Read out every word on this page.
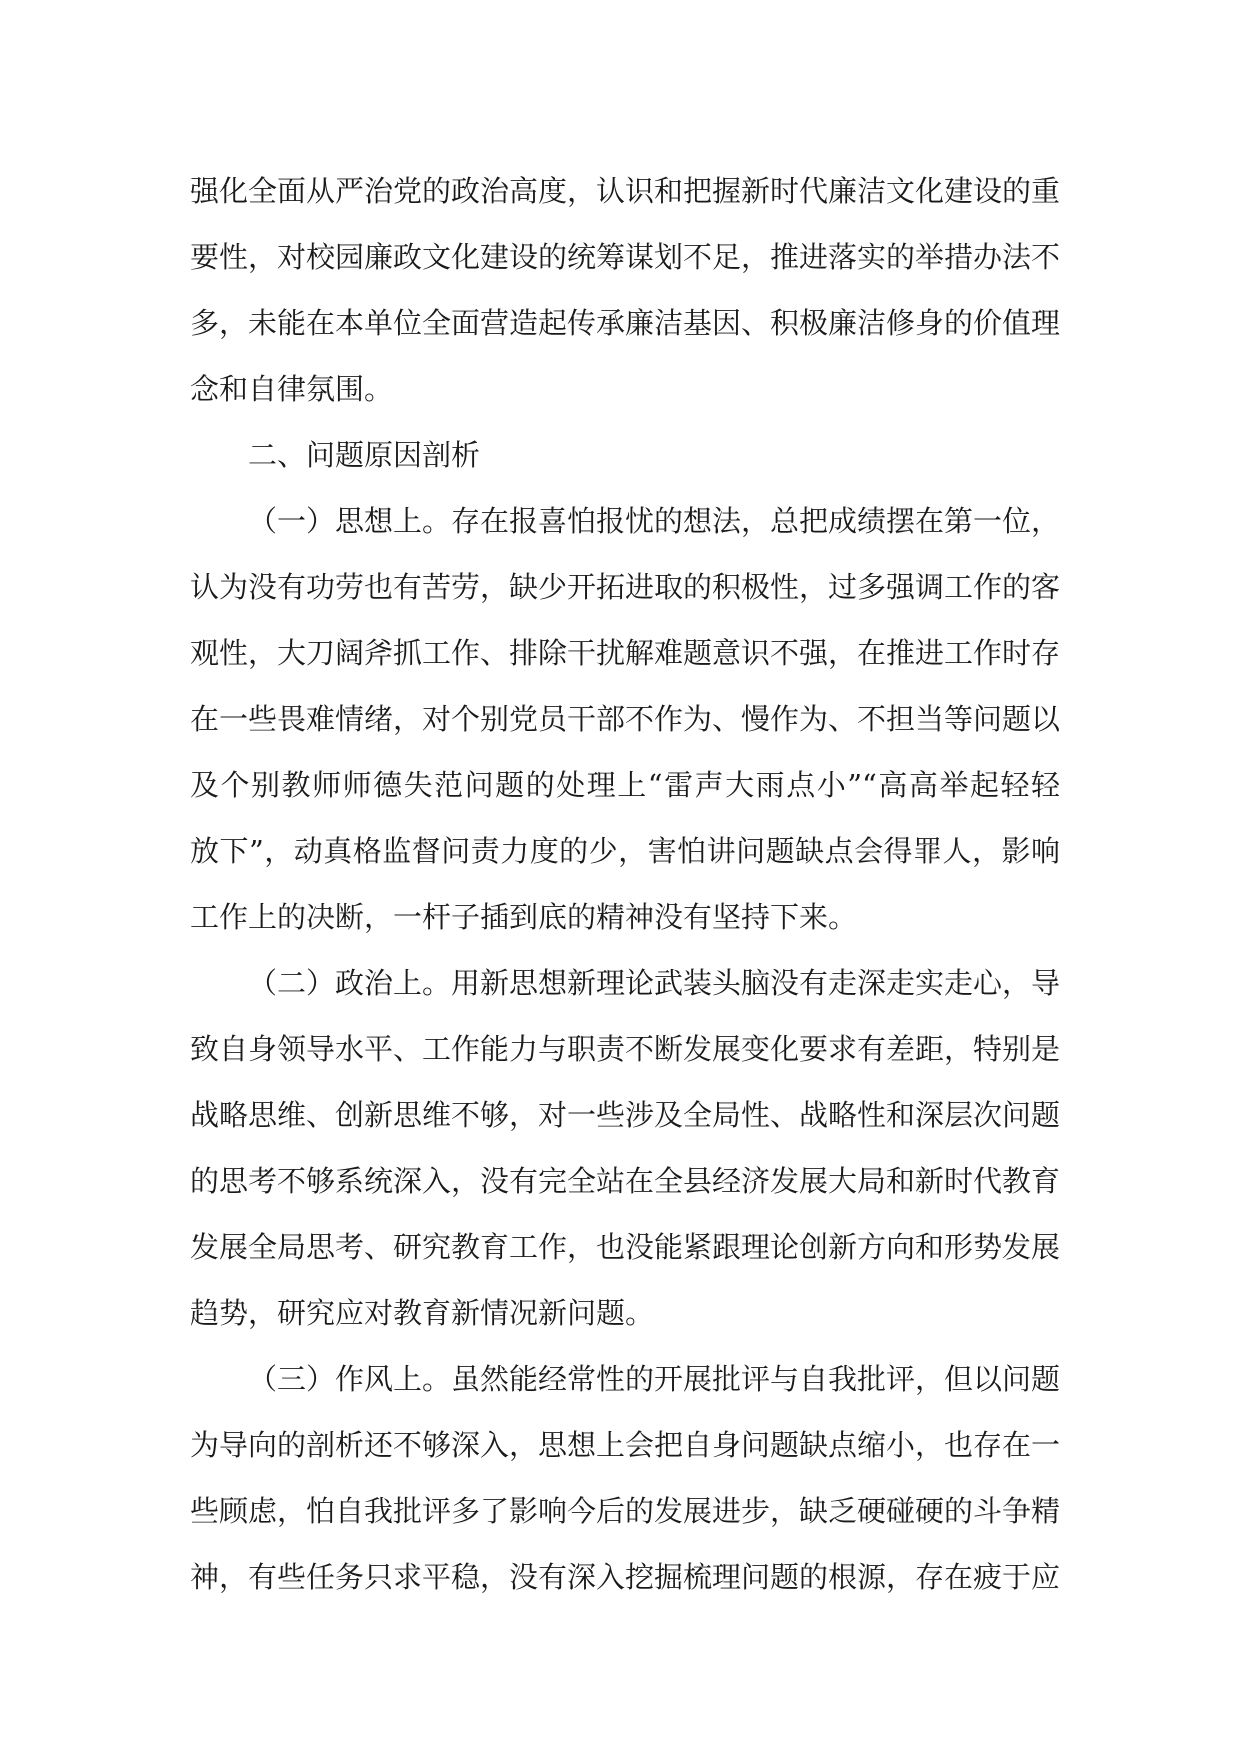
强化全面从严治党的政治高度，认识和把握新时代廉洁文化建设的重
要性，对校园廉政文化建设的统筹谋划不足，推进落实的举措办法不
多，未能在本单位全面营造起传承廉洁基因、积极廉洁修身的价值理
念和自律氛围。

二、问题原因剖析

（一）思想上。存在报喜怕报忧的想法，总把成绩摆在第一位，
认为没有功劳也有苦劳，缺少开拓进取的积极性，过多强调工作的客
观性，大刀阔斧抓工作、排除干扰解难题意识不强，在推进工作时存
在一些畏难情绪，对个别党员干部不作为、慢作为、不担当等问题以
及个别教师师德失范问题的处理上“雷声大雨点小”“高高举起轻轻
放下”，动真格监督问责力度的少，害怕讲问题缺点会得罪人，影响
工作上的决断，一杆子插到底的精神没有坚持下来。

（二）政治上。用新思想新理论武装头脑没有走深走实走心，导
致自身领导水平、工作能力与职责不断发展变化要求有差距，特别是
战略思维、创新思维不够，对一些涉及全局性、战略性和深层次问题
的思考不够系统深入，没有完全站在全县经济发展大局和新时代教育
发展全局思考、研究教育工作，也没能紧跟理论创新方向和形势发展
趋势，研究应对教育新情况新问题。

（三）作风上。虽然能经常性的开展批评与自我批评，但以问题
为导向的剖析还不够深入，思想上会把自身问题缺点缩小，也存在一
些顾虑，怕自我批评多了影响今后的发展进步，缺乏硬碰硬的斗争精
神，有些任务只求平稳，没有深入挖掘梳理问题的根源，存在疲于应
